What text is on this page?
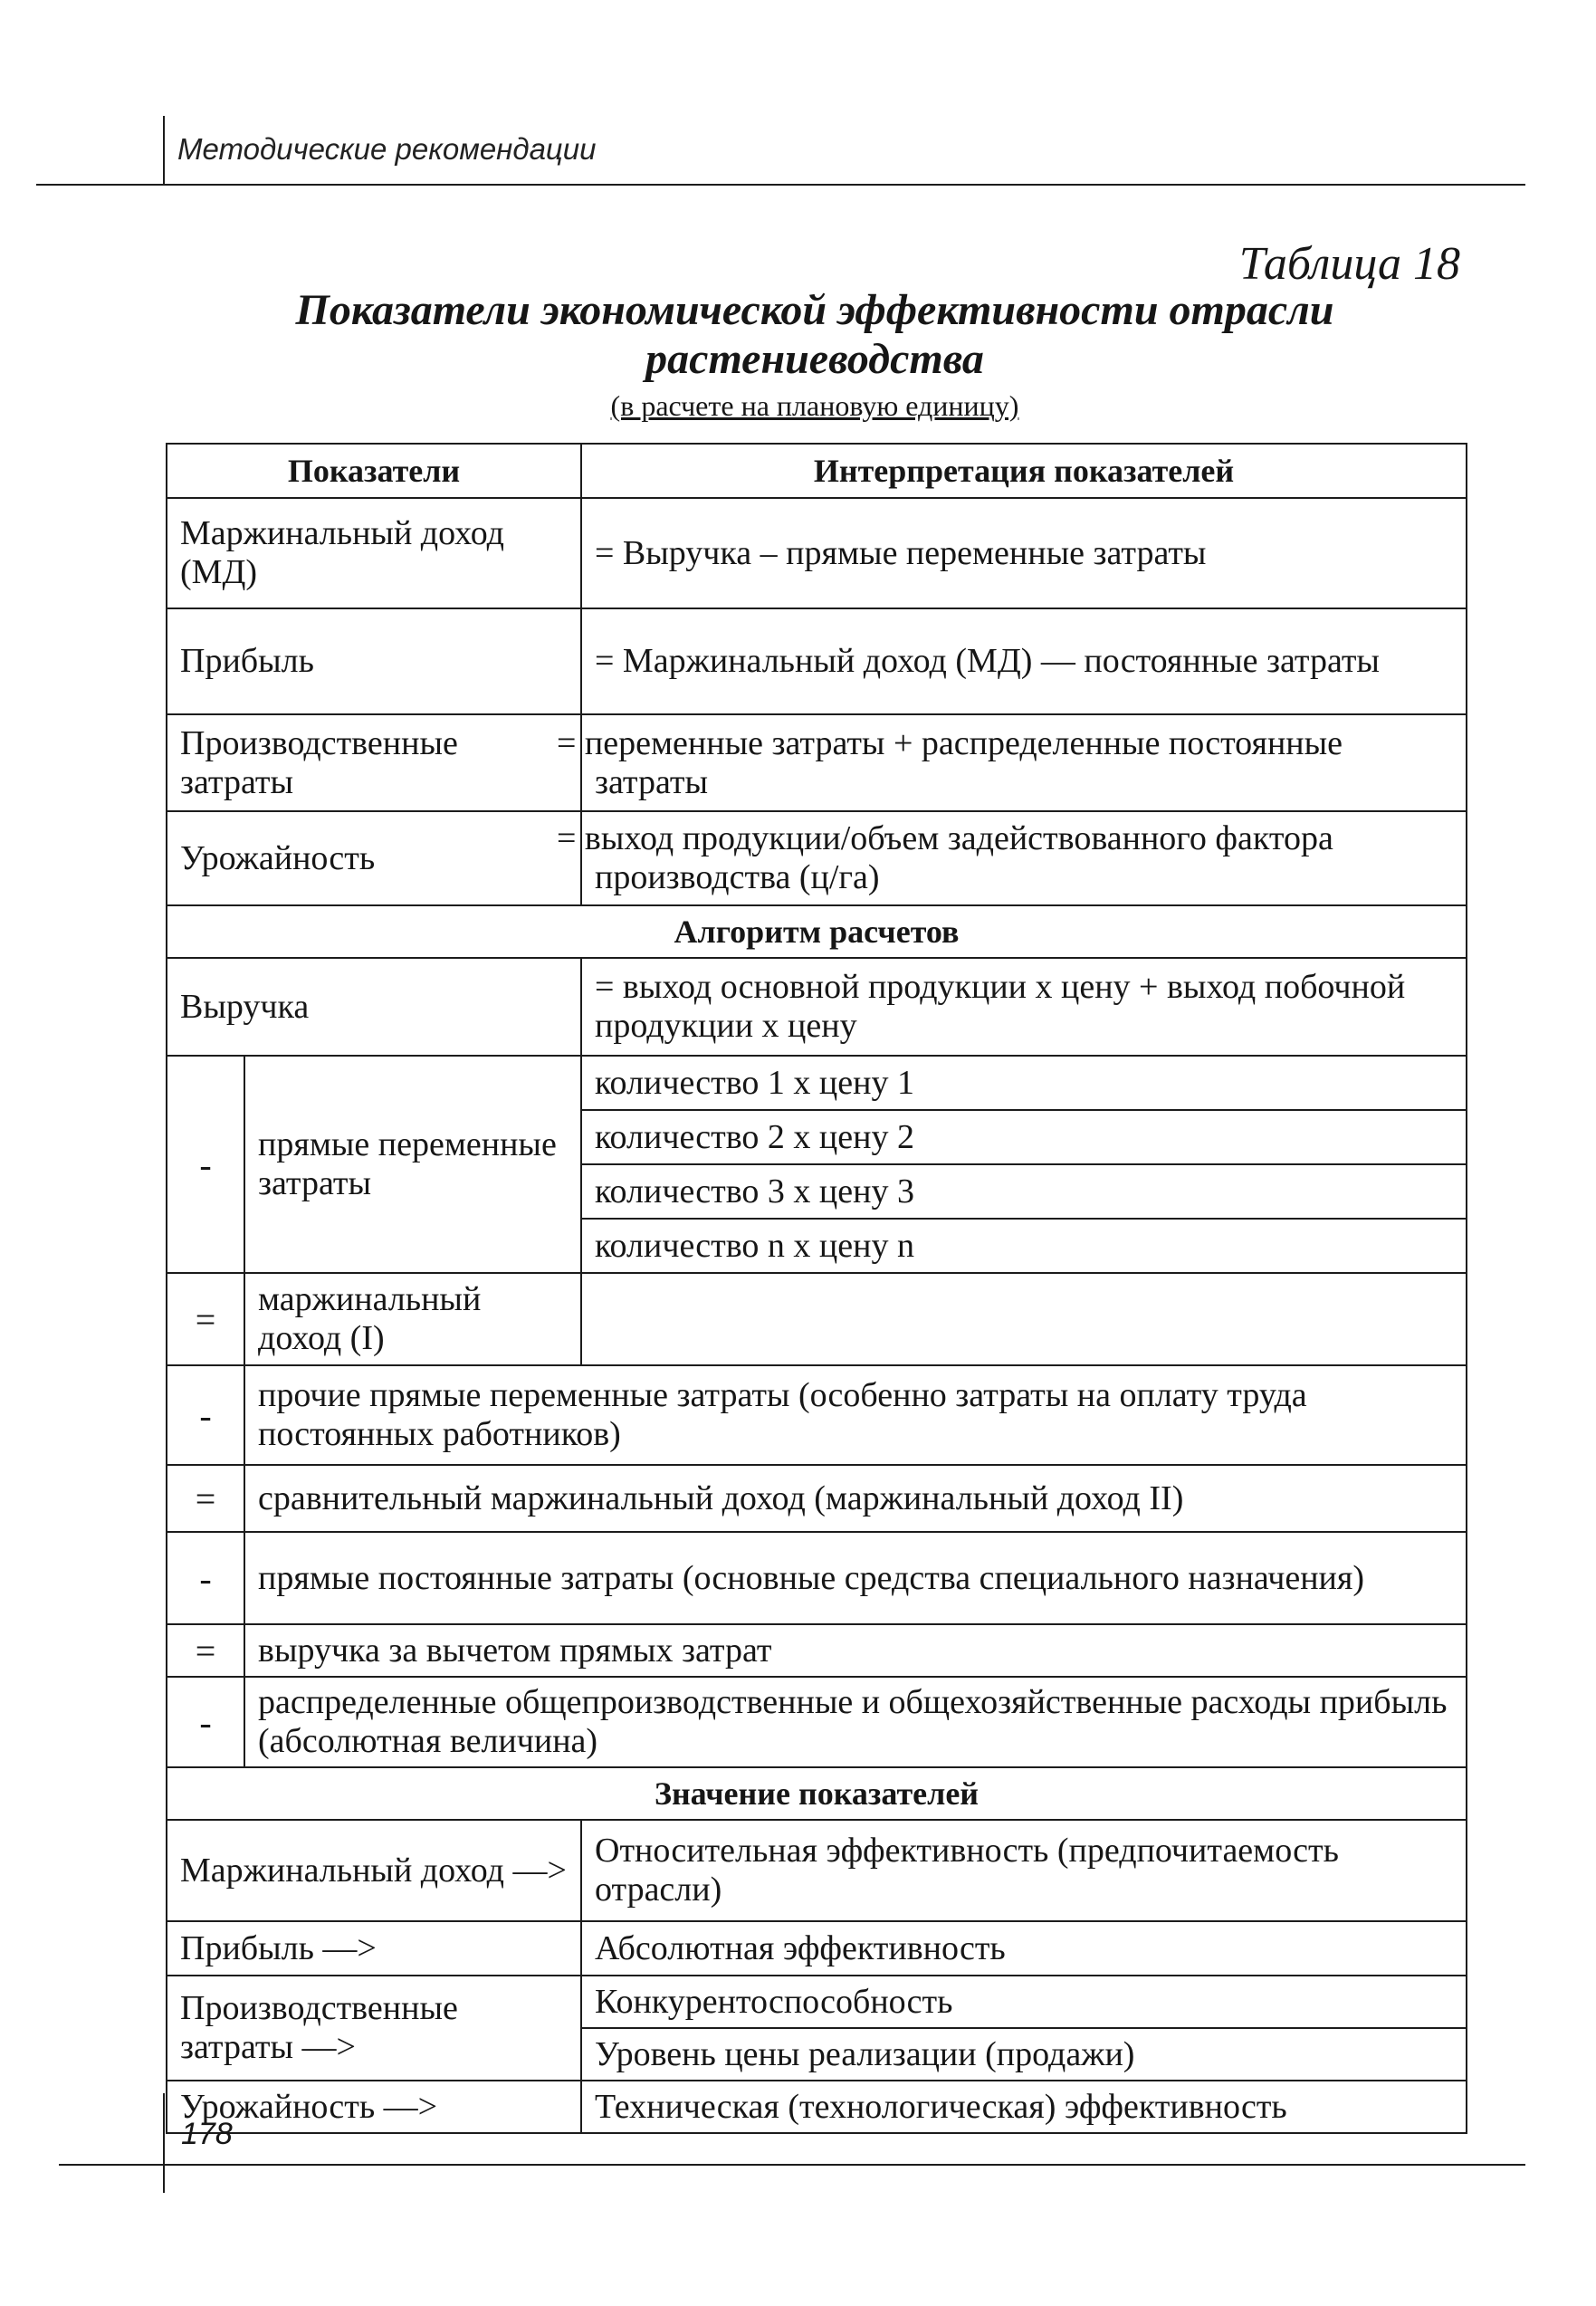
Методические рекомендации
Таблица 18
Показатели экономической эффективности отрасли
растениеводства
(в расчете на плановую единицу)
Показатели		Интерпретация показателей
Маржинальный доход (МД)		= Выручка – прямые переменные затраты
Прибыль		= Маржинальный доход (МД) — постоянные затраты
Производственные затраты		= переменные затраты + распределенные постоянные затраты
Урожайность		= выход продукции/объем задействованного фактора производства (ц/га)
Алгоритм расчетов		
Выручка		= выход основной продукции x цену + выход побочной продукции x цену
-	прямые переменные затраты	количество 1 x цену 1
		количество 2 x цену 2
		количество 3 x цену 3
		количество n x цену n
=	маржинальный доход (I)	
-	прочие прямые переменные затраты (особенно затраты на оплату труда постоянных работников)	
=	сравнительный маржинальный доход (маржинальный доход II)	
-	прямые постоянные затраты (основные средства специального назначения)	
=	выручка за вычетом прямых затрат	
-	распределенные общепроизводственные и общехозяйственные расходы прибыль (абсолютная величина)	
Значение показателей		
Маржинальный доход —>		Относительная эффективность (предпочитаемость отрасли)
Прибыль —>		Абсолютная эффективность
Производственные затраты —>		Конкурентоспособность
		Уровень цены реализации (продажи)
Урожайность —>		Техническая (технологическая) эффективность
178
